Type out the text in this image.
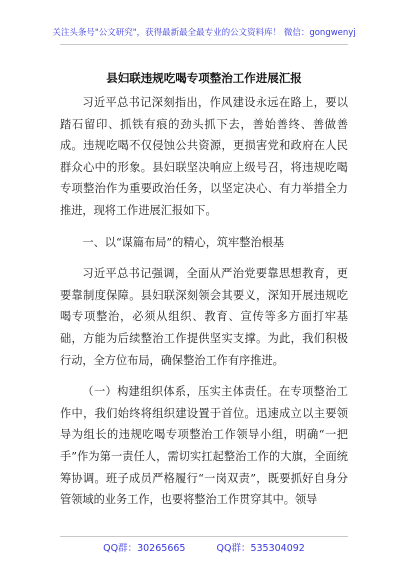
关注头条号"公文研究"，获得最新最全最专业的公文资料库！ 微信：gongwenyj
县妇联违规吃喝专项整治工作进展汇报

习近平总书记深刻指出，作风建设永远在路上，要以踏石留印、抓铁有痕的劲头抓下去，善始善终、善做善成。违规吃喝不仅侵蚀公共资源，更损害党和政府在人民群众心中的形象。县妇联坚决响应上级号召，将违规吃喝专项整治作为重要政治任务，以坚定决心、有力举措全力推进，现将工作进展汇报如下。

一、以“谋篇布局”的精心，筑牢整治根基

习近平总书记强调，全面从严治党要靠思想教育，更要靠制度保障。县妇联深刻领会其要义，深知开展违规吃喝专项整治，必须从组织、教育、宣传等多方面打牢基础，方能为后续整治工作提供坚实支撑。为此，我们积极行动，全方位布局，确保整治工作有序推进。

（一）构建组织体系，压实主体责任。在专项整治工作中，我们始终将组织建设置于首位。迅速成立以主要领导为组长的违规吃喝专项整治工作领导小组，明确“一把手”作为第一责任人，需切实扛起整治工作的大旗，全面统筹协调。班子成员严格履行“一岗双责”，既要抓好自身分管领域的业务工作，也要将整治工作贯穿其中。领导

QQ群：30265665	QQ群：535304092
